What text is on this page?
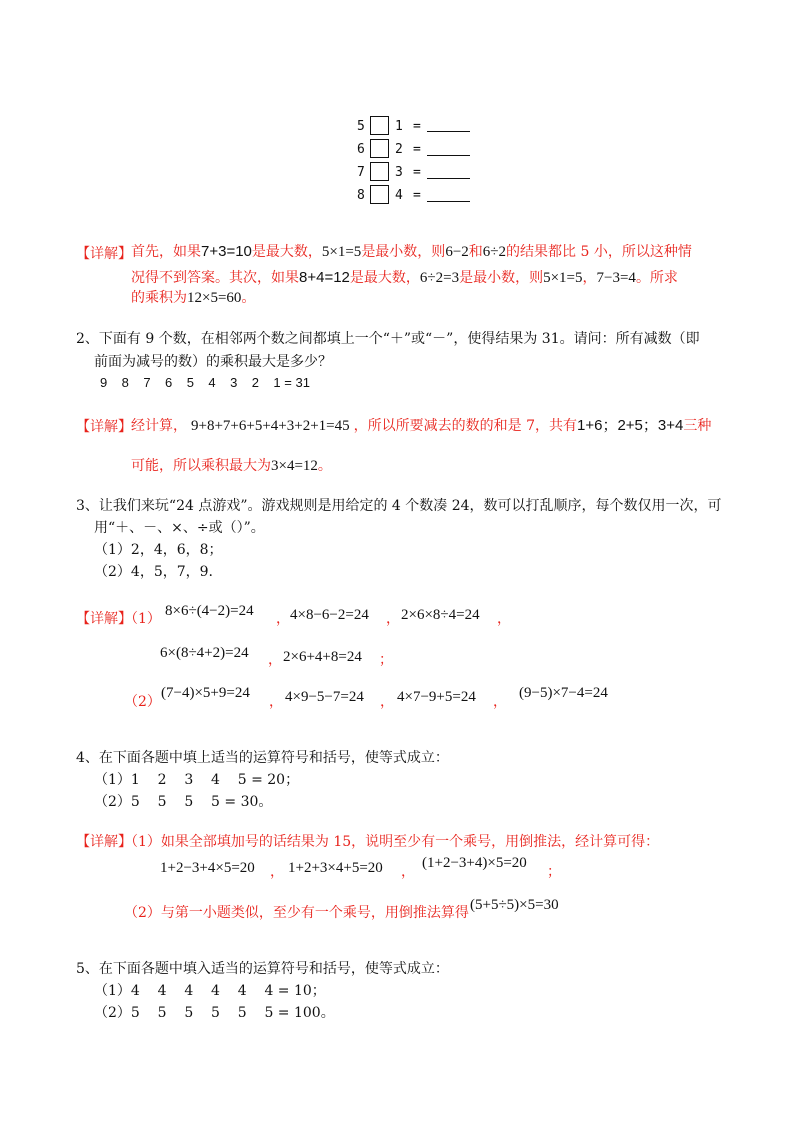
5 1 =
6 2 =
7 3 =
8 4 =
【详解】 首先，如果 7+3=10 是最大数， 5×1=5 是最小数，则 6−2 和 6÷2 的结果都比 5 小，所以这种情
况得不到答案。其次，如果 8+4=12 是最大数， 6÷2=3 是最小数，则 5×1=5 ， 7−3=4 。所求
的乘积为 12×5=60 。
2、下面有 9 个数，在相邻两个数之间都填上一个“＋”或“－”，使得结果为 31。请问：所有减数（即
前面为减号的数）的乘积最大是多少？
9    8    7    6    5    4    3    2    1 = 31
【详解】 经计算， 9+8+7+6+5+4+3+2+1=45 ，所以所要减去的数的和是 7，共有 1+6；2+5；3+4 三种
可能，所以乘积最大为 3×4=12 。
3、让我们来玩“24 点游戏”。游戏规则是用给定的 4 个数凑 24，数可以打乱顺序，每个数仅用一次，可
用“＋、－、×、÷或（）”。
（1）2，4，6，8；
（2）4，5，7，9.
【详解】
（1） 8×6÷(4−2)=24 ， 4×8−6−2=24 ， 2×6×8÷4=24 ，
6×(8÷4+2)=24 ， 2×6+4+8=24 ；
（2）
(7−4)×5+9=24
， 4×9−5−7=24 ， 4×7−9+5=24 ，
(9−5)×7−4=24
4、在下面各题中填上适当的运算符号和括号，使等式成立：
（1）1    2    3    4    5 = 20；
（2）5    5    5    5 = 30。
【详解】
（1）如果全部填加号的话结果为 15，说明至少有一个乘号，用倒推法，经计算可得：
1+2−3+4×5=20 ， 1+2+3×4+5=20 ，
(1+2−3+4)×5=20
；
（2）与第一小题类似，至少有一个乘号，用倒推法算得 (5+5÷5)×5=30
5、在下面各题中填入适当的运算符号和括号，使等式成立：
（1）4    4    4    4    4    4 = 10；
（2）5    5    5    5    5    5 = 100。
